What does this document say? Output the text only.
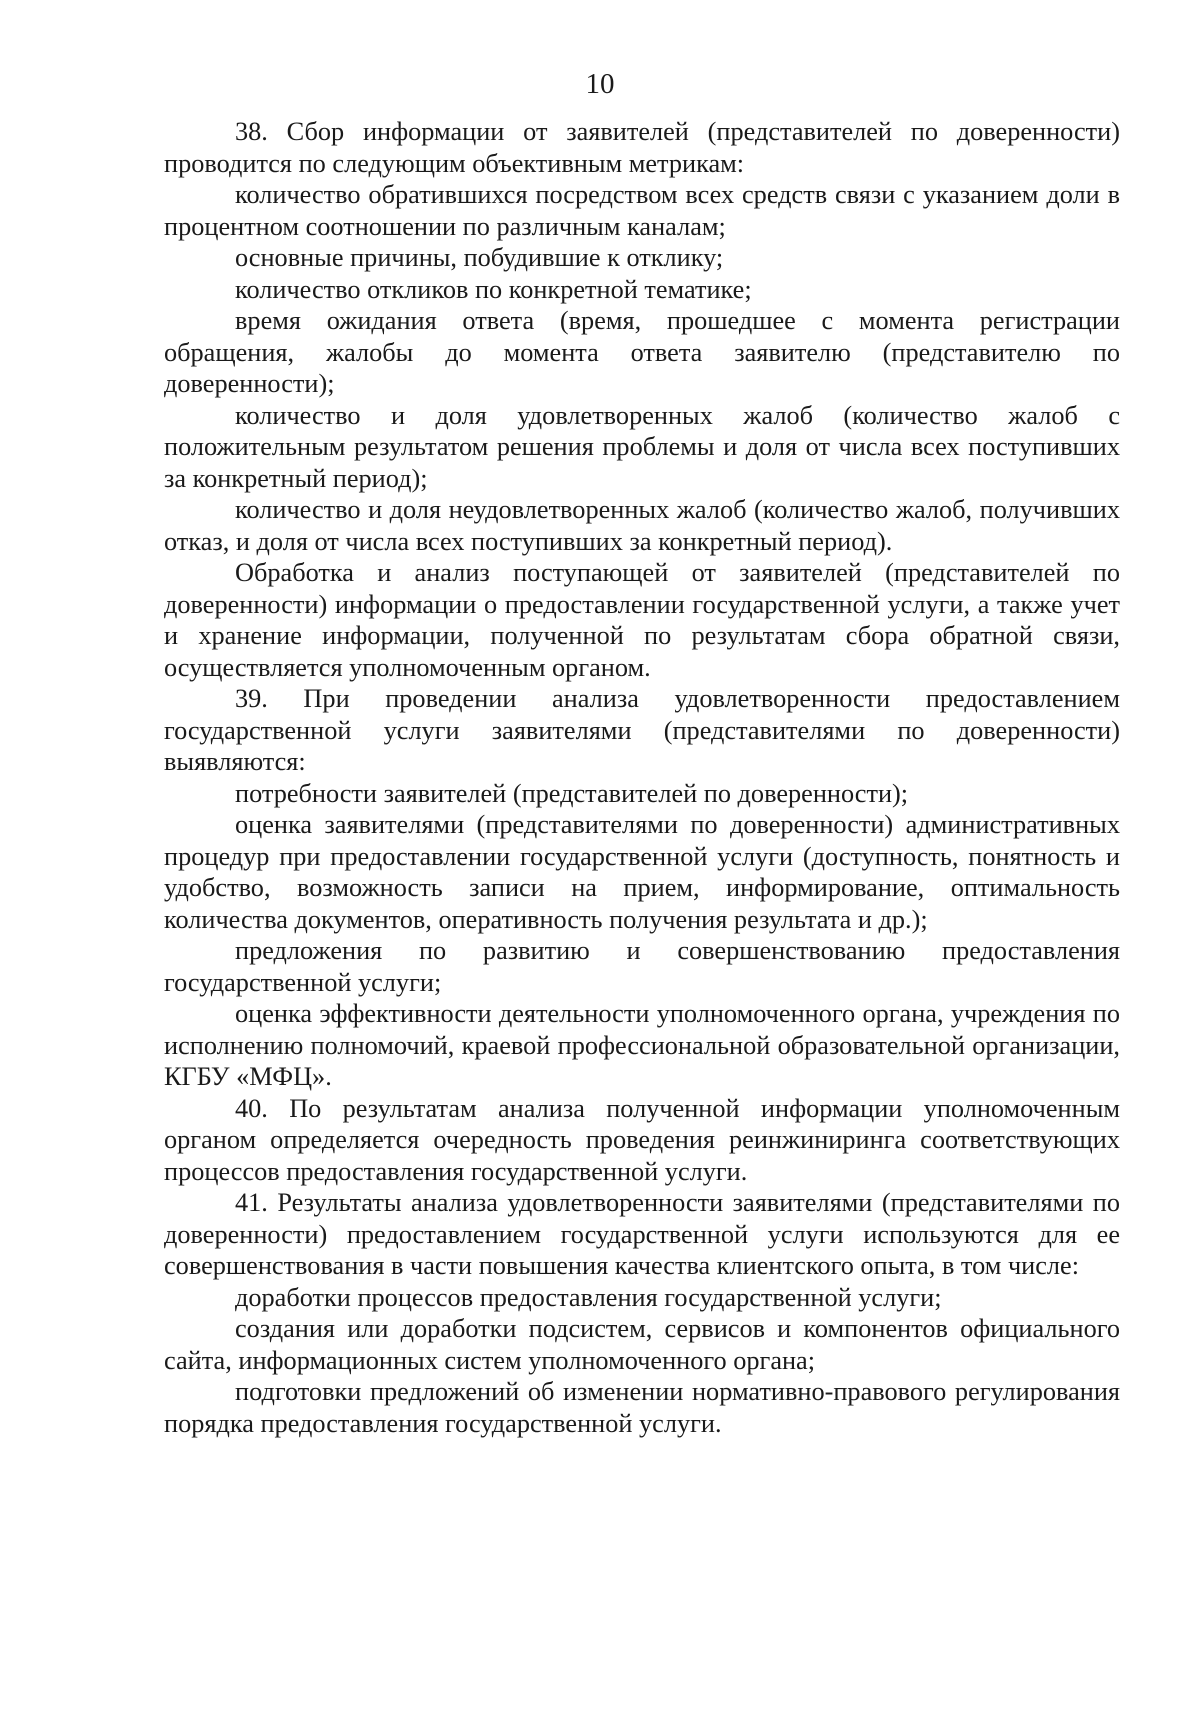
10

38. Сбор информации от заявителей (представителей по доверенности) проводится по следующим объективным метрикам:

количество обратившихся посредством всех средств связи с указанием доли в процентном соотношении по различным каналам;

основные причины, побудившие к отклику;

количество откликов по конкретной тематике;

время ожидания ответа (время, прошедшее с момента регистрации обращения, жалобы до момента ответа заявителю (представителю по доверенности);

количество и доля удовлетворенных жалоб (количество жалоб с положительным результатом решения проблемы и доля от числа всех поступивших за конкретный период);

количество и доля неудовлетворенных жалоб (количество жалоб, получивших отказ, и доля от числа всех поступивших за конкретный период).

Обработка и анализ поступающей от заявителей (представителей по доверенности) информации о предоставлении государственной услуги, а также учет и хранение информации, полученной по результатам сбора обратной связи, осуществляется уполномоченным органом.

39. При проведении анализа удовлетворенности предоставлением государственной услуги заявителями (представителями по доверенности) выявляются:

потребности заявителей (представителей по доверенности);

оценка заявителями (представителями по доверенности) административных процедур при предоставлении государственной услуги (доступность, понятность и удобство, возможность записи на прием, информирование, оптимальность количества документов, оперативность получения результата и др.);

предложения по развитию и совершенствованию предоставления государственной услуги;

оценка эффективности деятельности уполномоченного органа, учреждения по исполнению полномочий, краевой профессиональной образовательной организации, КГБУ «МФЦ».

40. По результатам анализа полученной информации уполномоченным органом определяется очередность проведения реинжиниринга соответствующих процессов предоставления государственной услуги.

41. Результаты анализа удовлетворенности заявителями (представителями по доверенности) предоставлением государственной услуги используются для ее совершенствования в части повышения качества клиентского опыта, в том числе:

доработки процессов предоставления государственной услуги;

создания или доработки подсистем, сервисов и компонентов официального сайта, информационных систем уполномоченного органа;

подготовки предложений об изменении нормативно-правового регулирования порядка предоставления государственной услуги.
